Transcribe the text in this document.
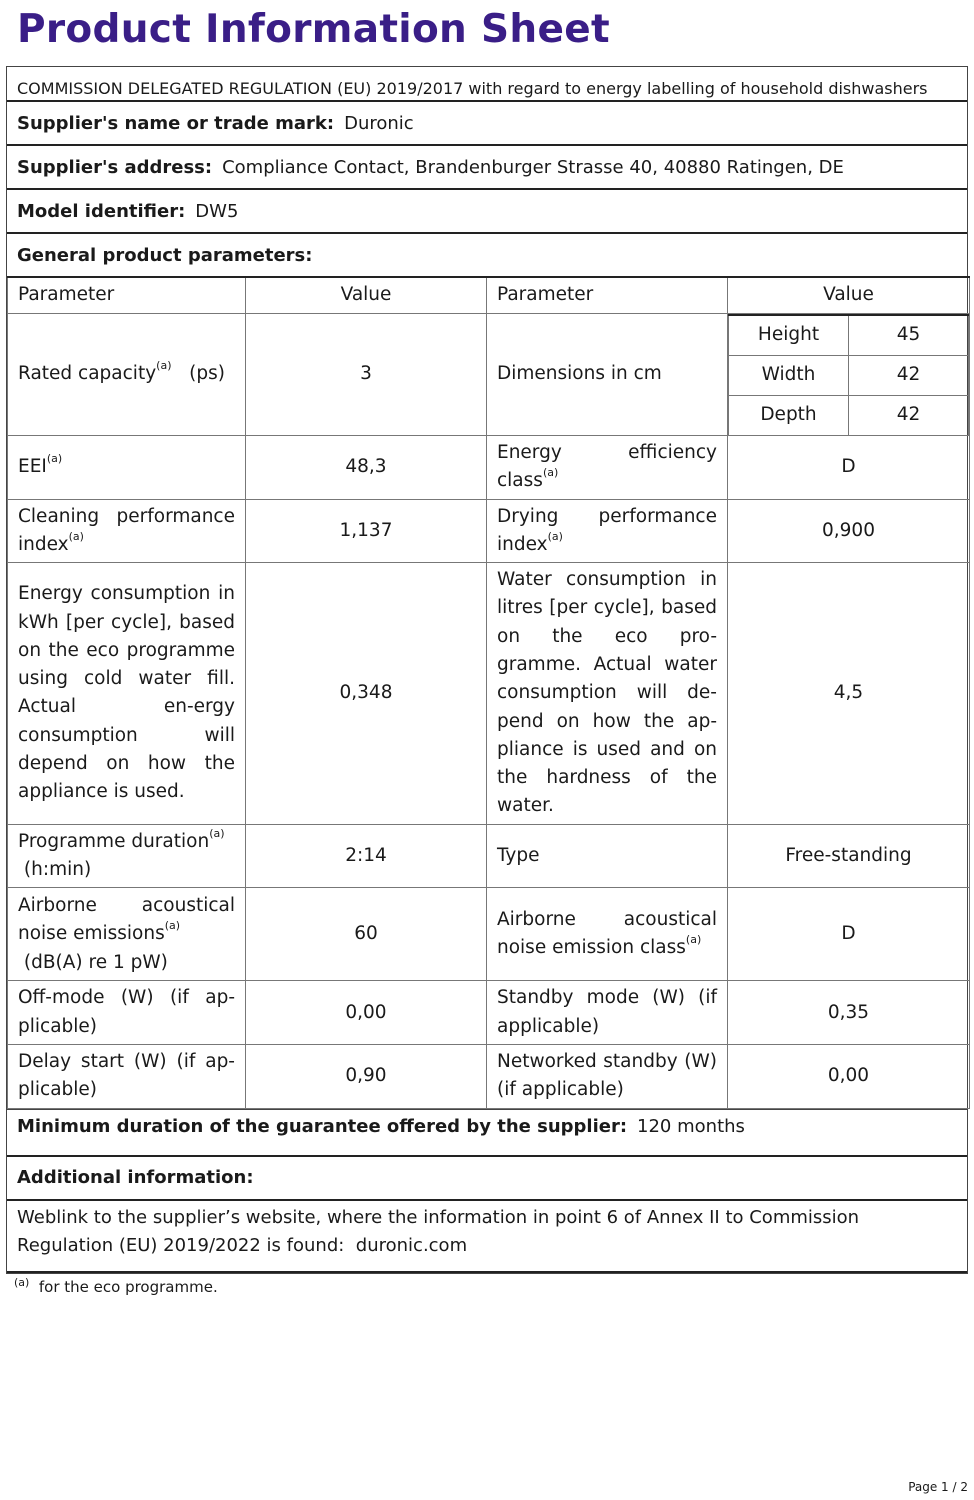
Product Information Sheet
COMMISSION DELEGATED REGULATION (EU) 2019/2017 with regard to energy labelling of household dishwashers
Supplier's name or trade mark: Duronic
Supplier's address: Compliance Contact, Brandenburger Strasse 40, 40880 Ratingen, DE
Model identifier: DW5
General product parameters:
Parameter	Value	Parameter	Value
Rated capacity$^{(a)}$ (ps)	3	Dimensions in cm	
Height	45
Width	42
Depth	42

EEI$^{(a)}$	48,3	Energy efficiency class$^{(a)}$	D
Cleaning performance index$^{(a)}$	1,137	Drying performance index$^{(a)}$	0,900
Energy consumption in kWh [per cycle], based on the eco programme using cold water fill. Actual en-ergy consumption will depend on how the appliance is used.	0,348	Water consumption in litres [per cycle], based on the eco pro-gramme. Actual water consumption will de-pend on how the ap-pliance is used and on the hardness of the water.	4,5
Programme duration$^{(a)}$
(h:min)	2:14	Type	Free-standing
Airborne acoustical noise emissions$^{(a)}$
(dB(A) re 1 pW)	60	Airborne acoustical noise emission class$^{(a)}$	D
Off-mode (W) (if ap-plicable)	0,00	Standby mode (W) (if applicable)	0,35
Delay start (W) (if ap-plicable)	0,90	Networked standby (W) (if applicable)	0,00
Minimum duration of the guarantee offered by the supplier: 120 months
Additional information:
Weblink to the supplier’s website, where the information in point 6 of Annex II to Commission Regulation (EU) 2019/2022 is found: duronic.com
$^{(a)}$ for the eco programme.
Page 1 / 2
